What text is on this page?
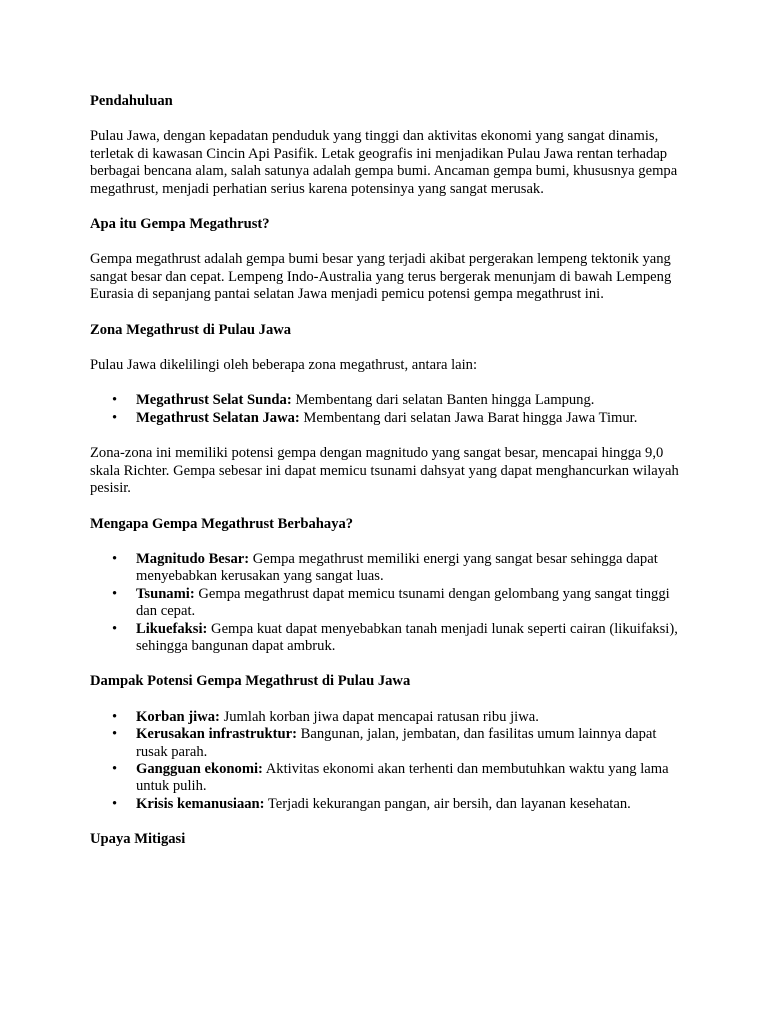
Pendahuluan

Pulau Jawa, dengan kepadatan penduduk yang tinggi dan aktivitas ekonomi yang sangat dinamis, terletak di kawasan Cincin Api Pasifik. Letak geografis ini menjadikan Pulau Jawa rentan terhadap berbagai bencana alam, salah satunya adalah gempa bumi. Ancaman gempa bumi, khususnya gempa megathrust, menjadi perhatian serius karena potensinya yang sangat merusak.

Apa itu Gempa Megathrust?

Gempa megathrust adalah gempa bumi besar yang terjadi akibat pergerakan lempeng tektonik yang sangat besar dan cepat. Lempeng Indo-Australia yang terus bergerak menunjam di bawah Lempeng Eurasia di sepanjang pantai selatan Jawa menjadi pemicu potensi gempa megathrust ini.

Zona Megathrust di Pulau Jawa

Pulau Jawa dikelilingi oleh beberapa zona megathrust, antara lain:

• Megathrust Selat Sunda: Membentang dari selatan Banten hingga Lampung.
• Megathrust Selatan Jawa: Membentang dari selatan Jawa Barat hingga Jawa Timur.

Zona-zona ini memiliki potensi gempa dengan magnitudo yang sangat besar, mencapai hingga 9,0 skala Richter. Gempa sebesar ini dapat memicu tsunami dahsyat yang dapat menghancurkan wilayah pesisir.

Mengapa Gempa Megathrust Berbahaya?

• Magnitudo Besar: Gempa megathrust memiliki energi yang sangat besar sehingga dapat menyebabkan kerusakan yang sangat luas.
• Tsunami: Gempa megathrust dapat memicu tsunami dengan gelombang yang sangat tinggi dan cepat.
• Likuefaksi: Gempa kuat dapat menyebabkan tanah menjadi lunak seperti cairan (likuifaksi), sehingga bangunan dapat ambruk.

Dampak Potensi Gempa Megathrust di Pulau Jawa

• Korban jiwa: Jumlah korban jiwa dapat mencapai ratusan ribu jiwa.
• Kerusakan infrastruktur: Bangunan, jalan, jembatan, dan fasilitas umum lainnya dapat rusak parah.
• Gangguan ekonomi: Aktivitas ekonomi akan terhenti dan membutuhkan waktu yang lama untuk pulih.
• Krisis kemanusiaan: Terjadi kekurangan pangan, air bersih, dan layanan kesehatan.

Upaya Mitigasi
